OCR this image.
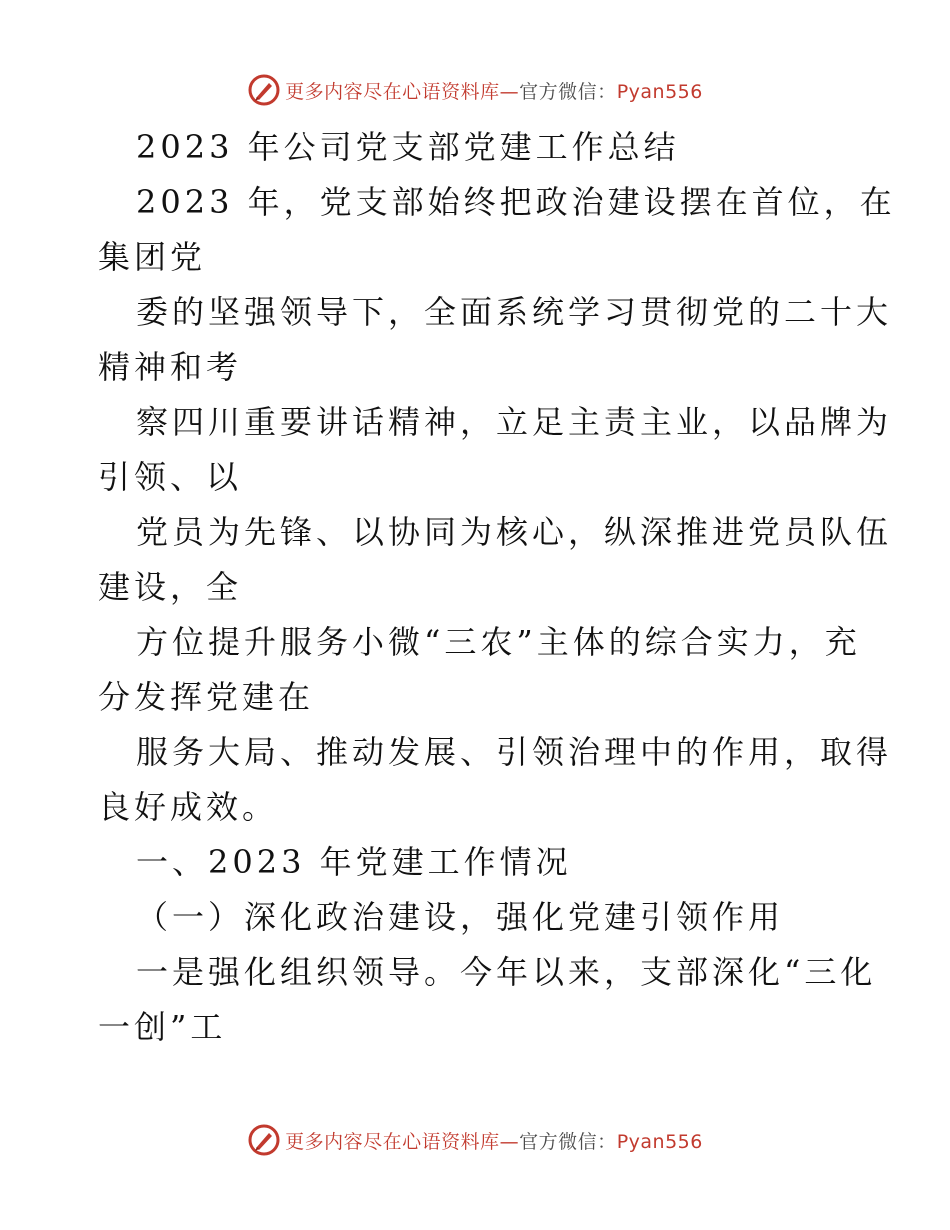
更多内容尽在心语资料库—官方微信：Pyan556
2023 年公司党支部党建工作总结
2023 年，党支部始终把政治建设摆在首位，在
集团党
委的坚强领导下，全面系统学习贯彻党的二十大
精神和考
察四川重要讲话精神，立足主责主业，以品牌为
引领、以
党员为先锋、以协同为核心，纵深推进党员队伍
建设，全
方位提升服务小微“三农”主体的综合实力，充
分发挥党建在
服务大局、推动发展、引领治理中的作用，取得
良好成效。
一、2023 年党建工作情况
（一）深化政治建设，强化党建引领作用
一是强化组织领导。今年以来，支部深化“三化
一创”工
更多内容尽在心语资料库—官方微信：Pyan556
